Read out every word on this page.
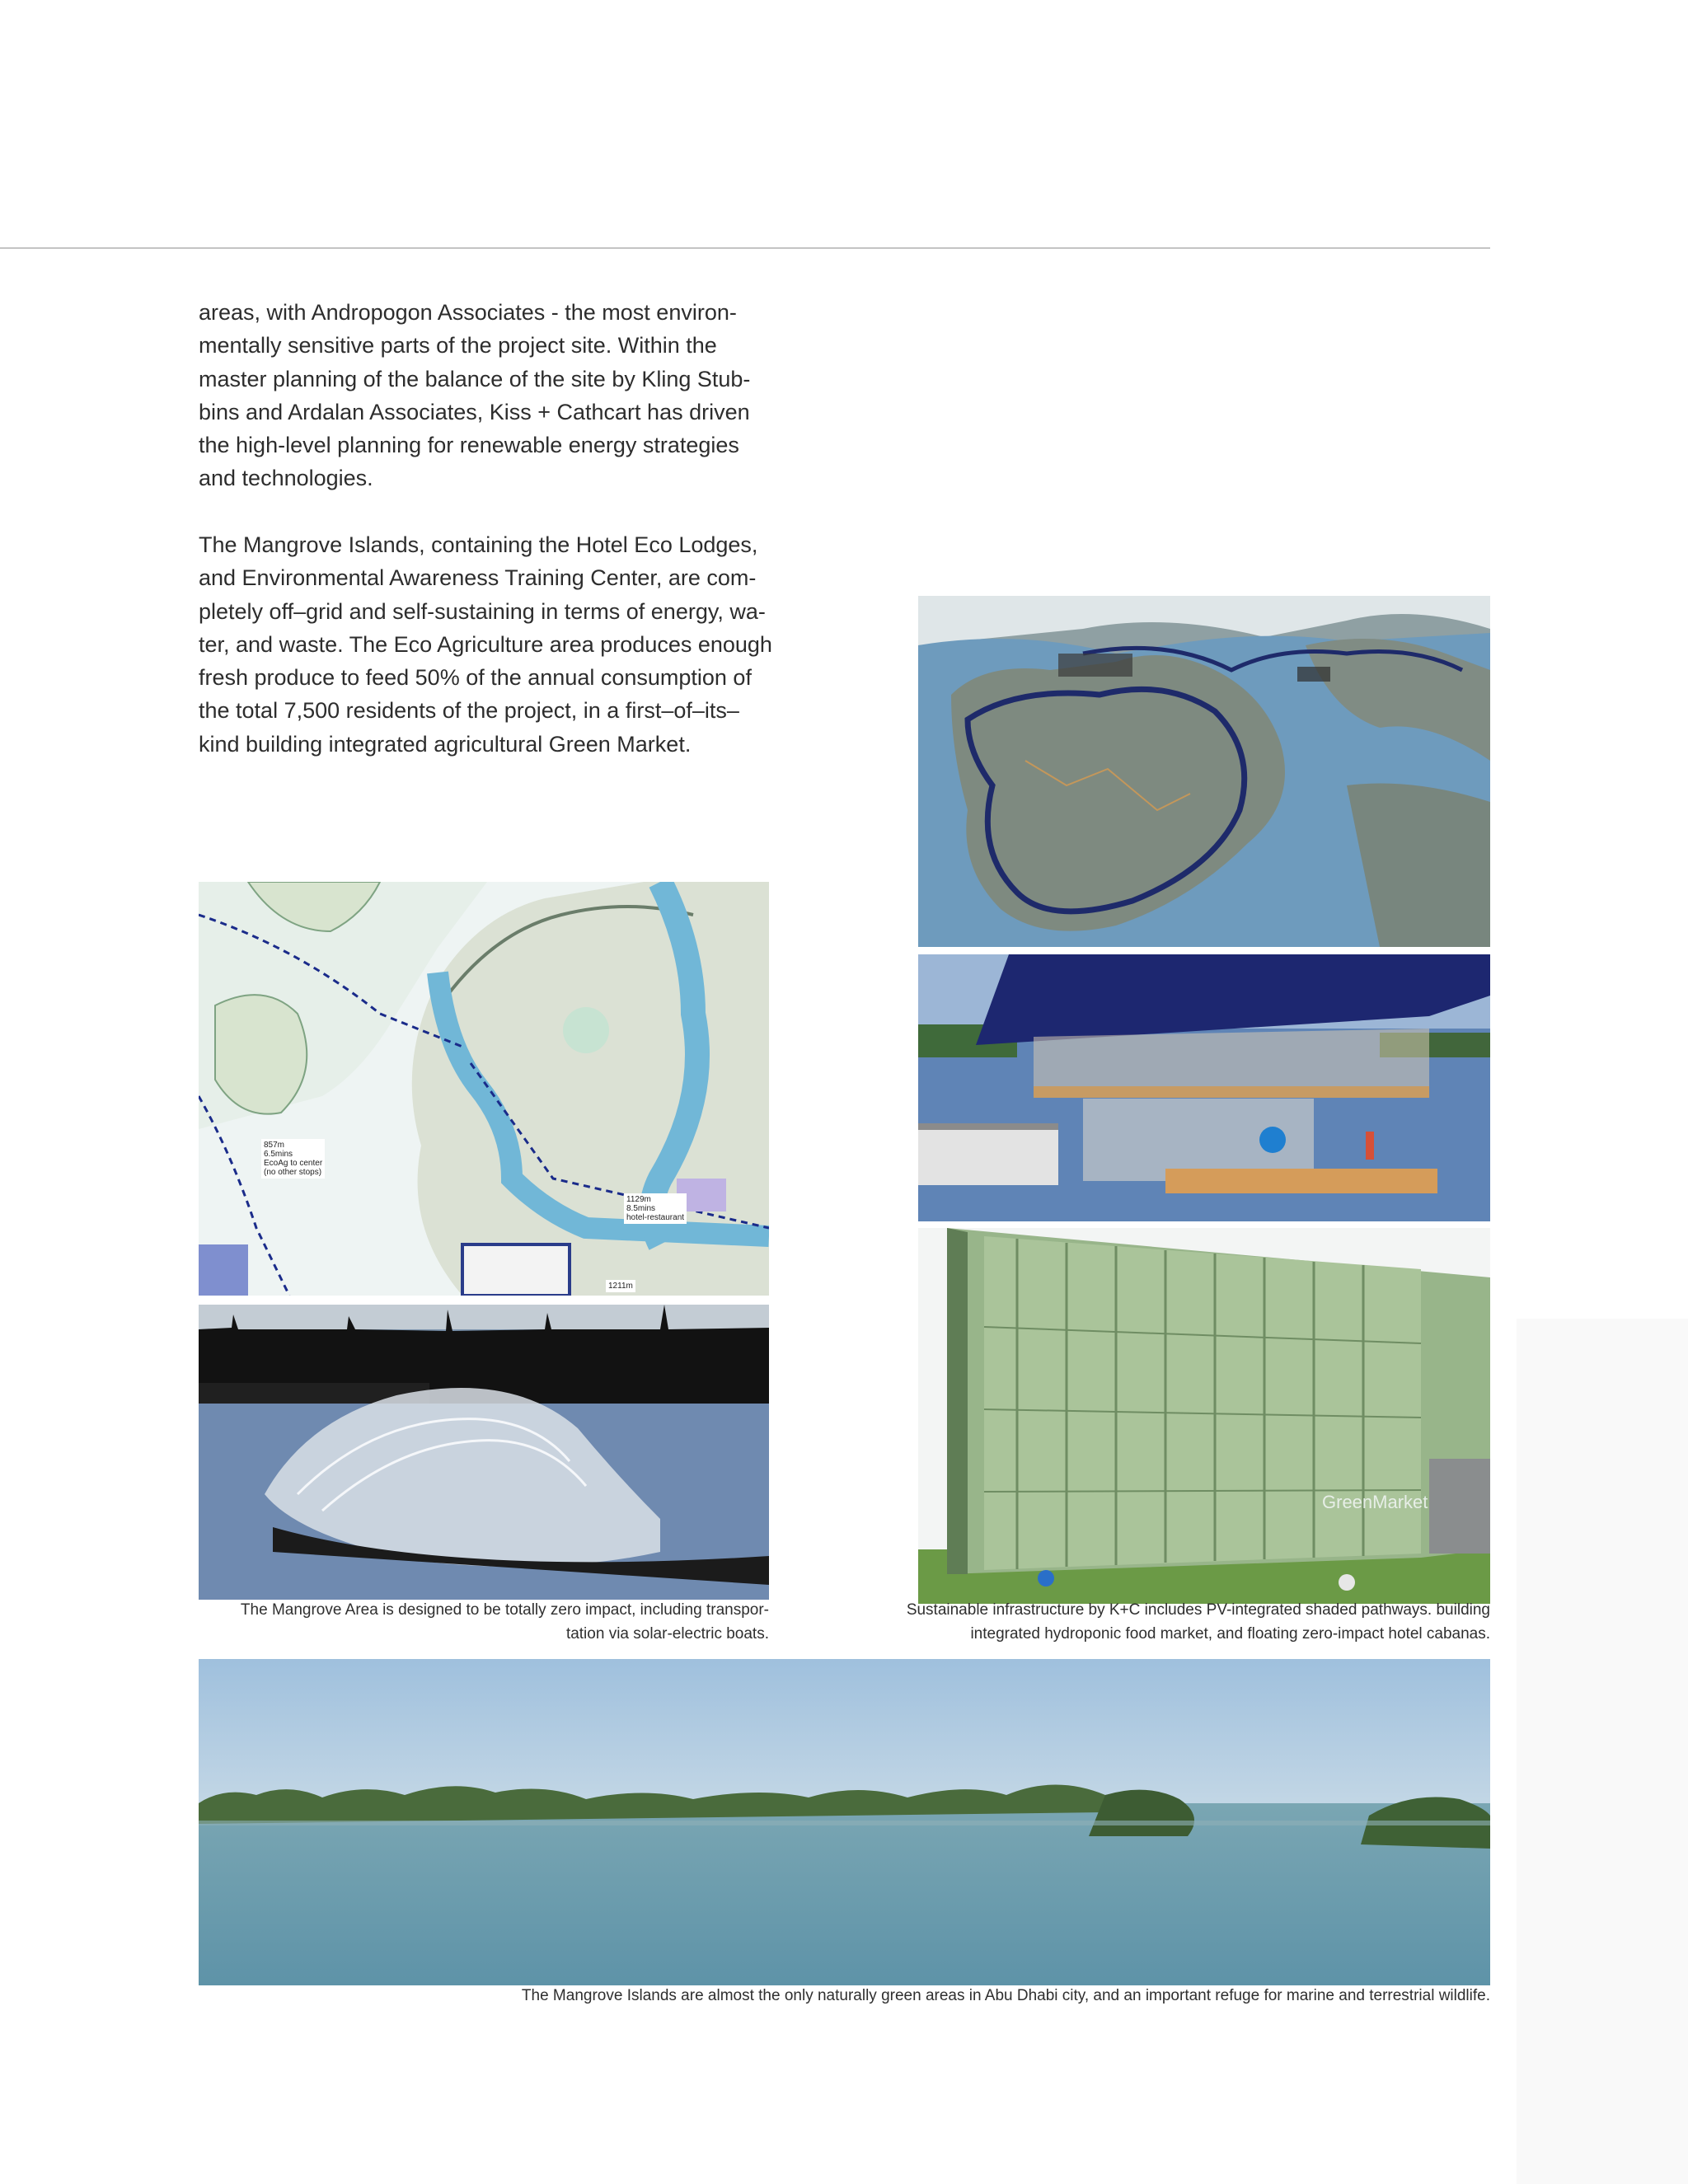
areas, with Andropogon Associates - the most environ-
mentally sensitive parts of the project site. Within the
master planning of the balance of the site by Kling Stub-
bins and Ardalan Associates, Kiss + Cathcart has driven
the high-level planning for renewable energy strategies
and technologies.
The Mangrove Islands, containing the Hotel Eco Lodges,
and Environmental Awareness Training Center, are com-
pletely off–grid and self-sustaining in terms of energy, wa-
ter, and waste. The Eco Agriculture area produces enough
fresh produce to feed 50% of the annual consumption of
the total 7,500 residents of the project, in a first–of–its–
kind building integrated agricultural Green Market.
GreenMarket
857m
6.5mins
EcoAg to center
(no other stops)
1129m
8.5mins
hotel-restaurant
1211m
The Mangrove Area is designed to be totally zero impact, including transpor-
tation via solar-electric boats.
Sustainable infrastructure by K+C includes PV-integrated shaded pathways. building
integrated hydroponic food market, and floating zero-impact hotel cabanas.
The Mangrove Islands are almost the only naturally green areas in Abu Dhabi city, and an important refuge for marine and terrestrial wildlife.
